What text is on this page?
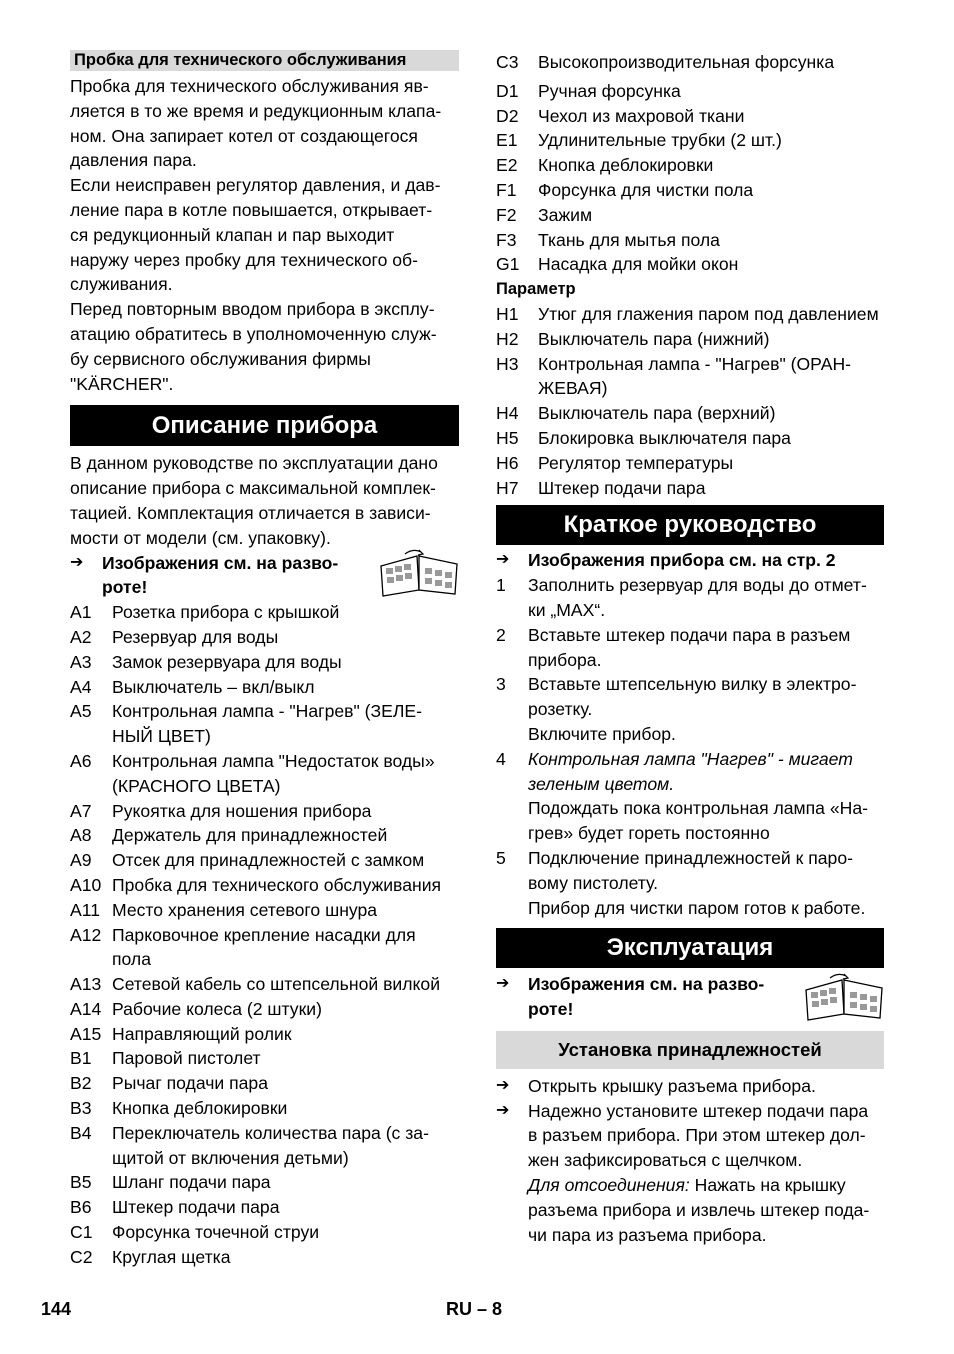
Пробка для технического обслуживания

Пробка для технического обслуживания яв-
ляется в то же время и редукционным клапа-
ном. Она запирает котел от создающегося
давления пара.

Если неисправен регулятор давления, и дав-
ление пара в котле повышается, открывает-
ся редукционный клапан и пар выходит
наружу через пробку для технического об-
служивания.

Перед повторным вводом прибора в эксплу-
атацию обратитесь в уполномоченную служ-
бу сервисного обслуживания фирмы
"KÄRCHER".

Описание прибора

В данном руководстве по эксплуатации дано
описание прибора с максимальной комплек-
тацией. Комплектация отличается в зависи-
мости от модели (см. упаковку).

➔	Изображения см. на разво-
роте!
A1	Розетка прибора с крышкой
A2	Резервуар для воды
A3	Замок резервуара для воды
A4	Выключатель – вкл/выкл
A5	Контрольная лампа - "Нагрев" (ЗЕЛЕ-
НЫЙ ЦВЕТ)
A6	Контрольная лампа "Недостаток воды»
(КРАСНОГО ЦВЕТА)
A7	Рукоятка для ношения прибора
A8	Держатель для принадлежностей
A9	Отсек для принадлежностей с замком
A10 Пробка для технического обслуживания
A11 Место хранения сетевого шнура
A12 Парковочное крепление насадки для
пола
A13 Сетевой кабель со штепсельной вилкой
A14 Рабочие колеса (2 штуки)
A15 Направляющий ролик
B1	Паровой пистолет
B2	Рычаг подачи пара
B3	Кнопка деблокировки
B4	Переключатель количества пара (с за-
щитой от включения детьми)
B5	Шланг подачи пара
B6	Штекер подачи пара
C1	Форсунка точечной струи
C2	Круглая щетка
C3	Высокопроизводительная форсунка
D1	Ручная форсунка
D2	Чехол из махровой ткани
E1	Удлинительные трубки (2 шт.)
E2	Кнопка деблокировки
F1	Форсунка для чистки пола
F2	Зажим
F3	Ткань для мытья пола
G1	Насадка для мойки окон
Параметр
H1	Утюг для глажения паром под давлением
H2	Выключатель пара (нижний)
H3	Контрольная лампа - "Нагрев" (ОРАН-
ЖЕВАЯ)
H4	Выключатель пара (верхний)
H5	Блокировка выключателя пара
H6	Регулятор температуры
H7	Штекер подачи пара
Краткое руководство
➔	Изображения прибора см. на стр. 2
1	Заполнить резервуар для воды до отмет-
ки „MAX“.
2	Вставьте штекер подачи пара в разъем
прибора.
3	Вставьте штепсельную вилку в электро-
розетку.
Включите прибор.
4	Контрольная лампа "Нагрев" - мигает
зеленым цветом.
Подождать пока контрольная лампа «На-
грев» будет гореть постоянно
5	Подключение принадлежностей к паро-
вому пистолету.
Прибор для чистки паром готов к работе.
Эксплуатация
➔	Изображения см. на разво-
роте!
Установка принадлежностей
➔	Открыть крышку разъема прибора.
➔	Надежно установите штекер подачи пара
в разъем прибора. При этом штекер дол-
жен зафиксироваться с щелчком.
Для отсоединения: Нажать на крышку
разъема прибора и извлечь штекер пода-
чи пара из разъема прибора.
144	RU – 8
